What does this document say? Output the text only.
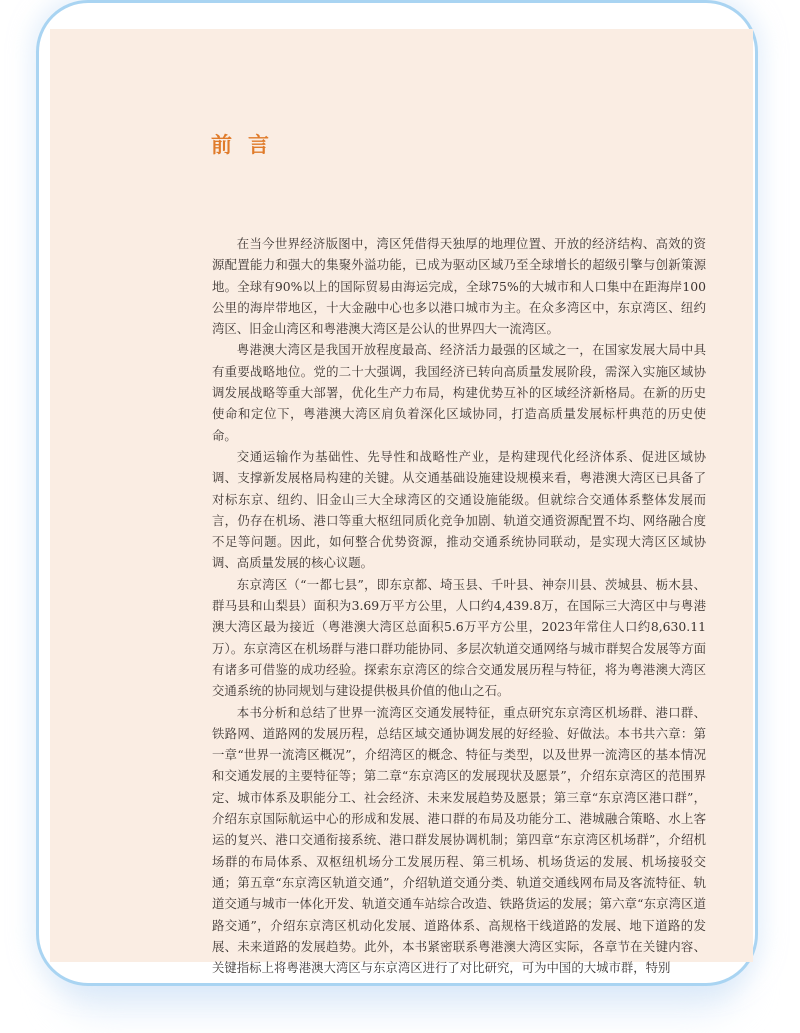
前言

在当今世界经济版图中，湾区凭借得天独厚的地理位置、开放的经济结构、高效的资源配置能力和强大的集聚外溢功能，已成为驱动区域乃至全球增长的超级引擎与创新策源地。全球有90%以上的国际贸易由海运完成，全球75%的大城市和人口集中在距海岸100公里的海岸带地区，十大金融中心也多以港口城市为主。在众多湾区中，东京湾区、纽约湾区、旧金山湾区和粤港澳大湾区是公认的世界四大一流湾区。

粤港澳大湾区是我国开放程度最高、经济活力最强的区域之一，在国家发展大局中具有重要战略地位。党的二十大强调，我国经济已转向高质量发展阶段，需深入实施区域协调发展战略等重大部署，优化生产力布局，构建优势互补的区域经济新格局。在新的历史使命和定位下，粤港澳大湾区肩负着深化区域协同，打造高质量发展标杆典范的历史使命。

交通运输作为基础性、先导性和战略性产业，是构建现代化经济体系、促进区域协调、支撑新发展格局构建的关键。从交通基础设施建设规模来看，粤港澳大湾区已具备了对标东京、纽约、旧金山三大全球湾区的交通设施能级。但就综合交通体系整体发展而言，仍存在机场、港口等重大枢纽同质化竞争加剧、轨道交通资源配置不均、网络融合度不足等问题。因此，如何整合优势资源，推动交通系统协同联动，是实现大湾区区域协调、高质量发展的核心议题。

东京湾区（“一都七县”，即东京都、埼玉县、千叶县、神奈川县、茨城县、栃木县、群马县和山梨县）面积为3.69万平方公里，人口约4,439.8万，在国际三大湾区中与粤港澳大湾区最为接近（粤港澳大湾区总面积5.6万平方公里，2023年常住人口约8,630.11万）。东京湾区在机场群与港口群功能协同、多层次轨道交通网络与城市群契合发展等方面有诸多可借鉴的成功经验。探索东京湾区的综合交通发展历程与特征，将为粤港澳大湾区交通系统的协同规划与建设提供极具价值的他山之石。

本书分析和总结了世界一流湾区交通发展特征，重点研究东京湾区机场群、港口群、铁路网、道路网的发展历程，总结区域交通协调发展的好经验、好做法。本书共六章：第一章“世界一流湾区概况”，介绍湾区的概念、特征与类型，以及世界一流湾区的基本情况和交通发展的主要特征等；第二章“东京湾区的发展现状及愿景”，介绍东京湾区的范围界定、城市体系及职能分工、社会经济、未来发展趋势及愿景；第三章“东京湾区港口群”，介绍东京国际航运中心的形成和发展、港口群的布局及功能分工、港城融合策略、水上客运的复兴、港口交通衔接系统、港口群发展协调机制；第四章“东京湾区机场群”，介绍机场群的布局体系、双枢纽机场分工发展历程、第三机场、机场货运的发展、机场接驳交通；第五章“东京湾区轨道交通”，介绍轨道交通分类、轨道交通线网布局及客流特征、轨道交通与城市一体化开发、轨道交通车站综合改造、铁路货运的发展；第六章“东京湾区道路交通”，介绍东京湾区机动化发展、道路体系、高规格干线道路的发展、地下道路的发展、未来道路的发展趋势。此外，本书紧密联系粤港澳大湾区实际，各章节在关键内容、关键指标上将粤港澳大湾区与东京湾区进行了对比研究，可为中国的大城市群，特别
